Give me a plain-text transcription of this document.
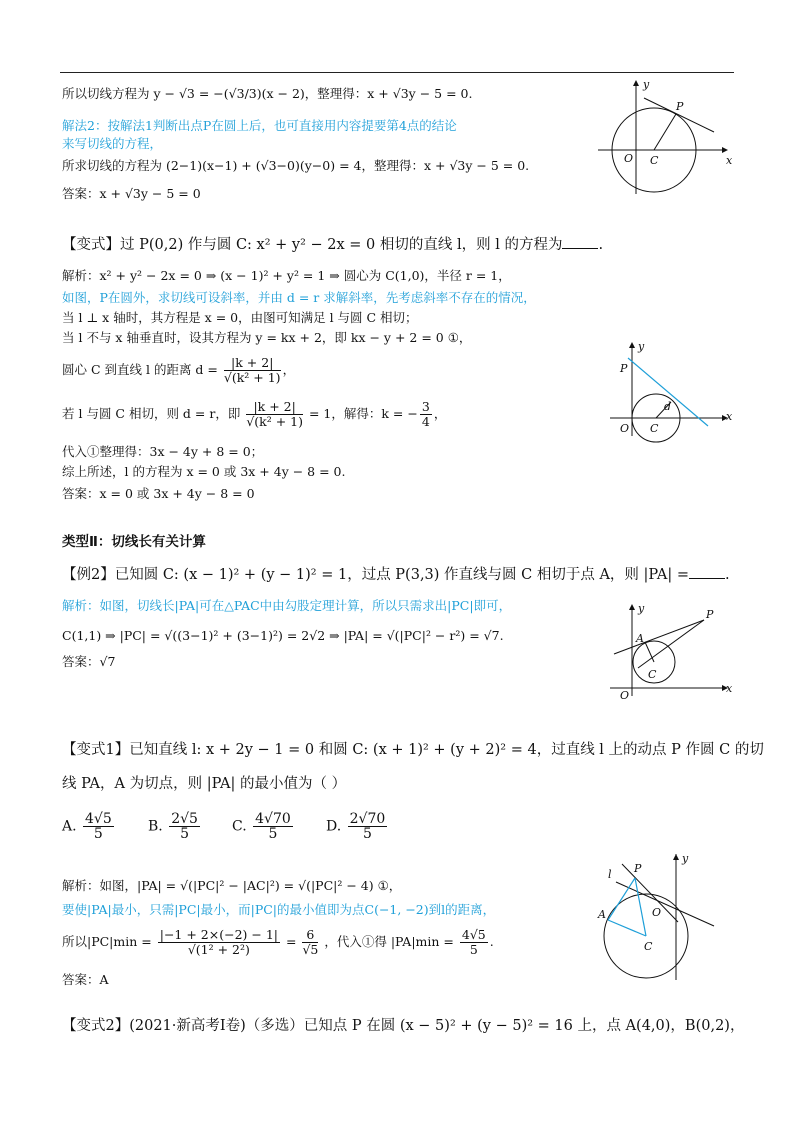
所以切线方程为 y − √3 = −(√3/3)(x − 2)，整理得：x + √3y − 5 = 0.
解法2：按解法1判断出点P在圆上后，也可直接用内容提要第4点的结论
来写切线的方程，
所求切线的方程为 (2−1)(x−1) + (√3−0)(y−0) = 4，整理得：x + √3y − 5 = 0.
答案：x + √3y − 5 = 0
y
x
O C
P
【变式】过 P(0,2) 作与圆 C: x² + y² − 2x = 0 相切的直线 l，则 l 的方程为 .
解析：x² + y² − 2x = 0 ⇒ (x − 1)² + y² = 1 ⇒ 圆心为 C(1,0)，半径 r = 1，
如图，P在圆外，求切线可设斜率，并由 d = r 求解斜率，先考虑斜率不存在的情况，
当 l ⊥ x 轴时，其方程是 x = 0，由图可知满足 l 与圆 C 相切；
当 l 不与 x 轴垂直时，设其方程为 y = kx + 2，即 kx − y + 2 = 0 ①，
圆心 C 到直线 l 的距离 $d = \frac{|k + 2|}{\text{√(k² + 1)}}$ ，
若 l 与圆 C 相切，则 d = r，即 $\frac{|k + 2|}{\text{√(k² + 1)}} = 1$，解得：k = − $\frac{3}{4}$ ，
代入①整理得：3x − 4y + 8 = 0；
综上所述，l 的方程为 x = 0 或 3x + 4y − 8 = 0.
答案：x = 0 或 3x + 4y − 8 = 0
y
x
P
O C
d
类型Ⅱ：切线长有关计算
【例2】已知圆 C: (x − 1)² + (y − 1)² = 1，过点 P(3,3) 作直线与圆 C 相切于点 A，则 |PA| = .
解析：如图，切线长|PA|可在△PAC中由勾股定理计算，所以只需求出|PC|即可，
C(1,1) ⇒ |PC| = √((3−1)² + (3−1)²) = 2√2 ⇒ |PA| = √(|PC|² − r²) = √7.
答案：√7
y
x
P
A
C
O
【变式1】已知直线 l: x + 2y − 1 = 0 和圆 C: (x + 1)² + (y + 2)² = 4，过直线 l 上的动点 P 作圆 C 的切
线 PA，A 为切点，则 |PA| 的最小值为（ ）
A. $\frac{4√5}{5} B$. $\frac{2√5}{5} C$. $\frac{4√70}{5} D$. $\frac{2√70}{5}$
解析：如图，|PA| = √(|PC|² − |AC|²) = √(|PC|² − 4) ①，
要使|PA|最小，只需|PC|最小，而|PC|的最小值即为点C(−1, −2)到l的距离，
所以$|PC|\min = \frac{|-1 + 2\times(-2) - 1|}{\text{√(1² + 2²)}} = \frac{6}{√5}$ ，代入①得 $|PA|\min = \frac{4√5}{5}$ .
答案：A
y
l P
O
A
C
【变式2】(2021·新高考Ⅰ卷)（多选）已知点 P 在圆 (x − 5)² + (y − 5)² = 16 上，点 A(4,0)，B(0,2)，
